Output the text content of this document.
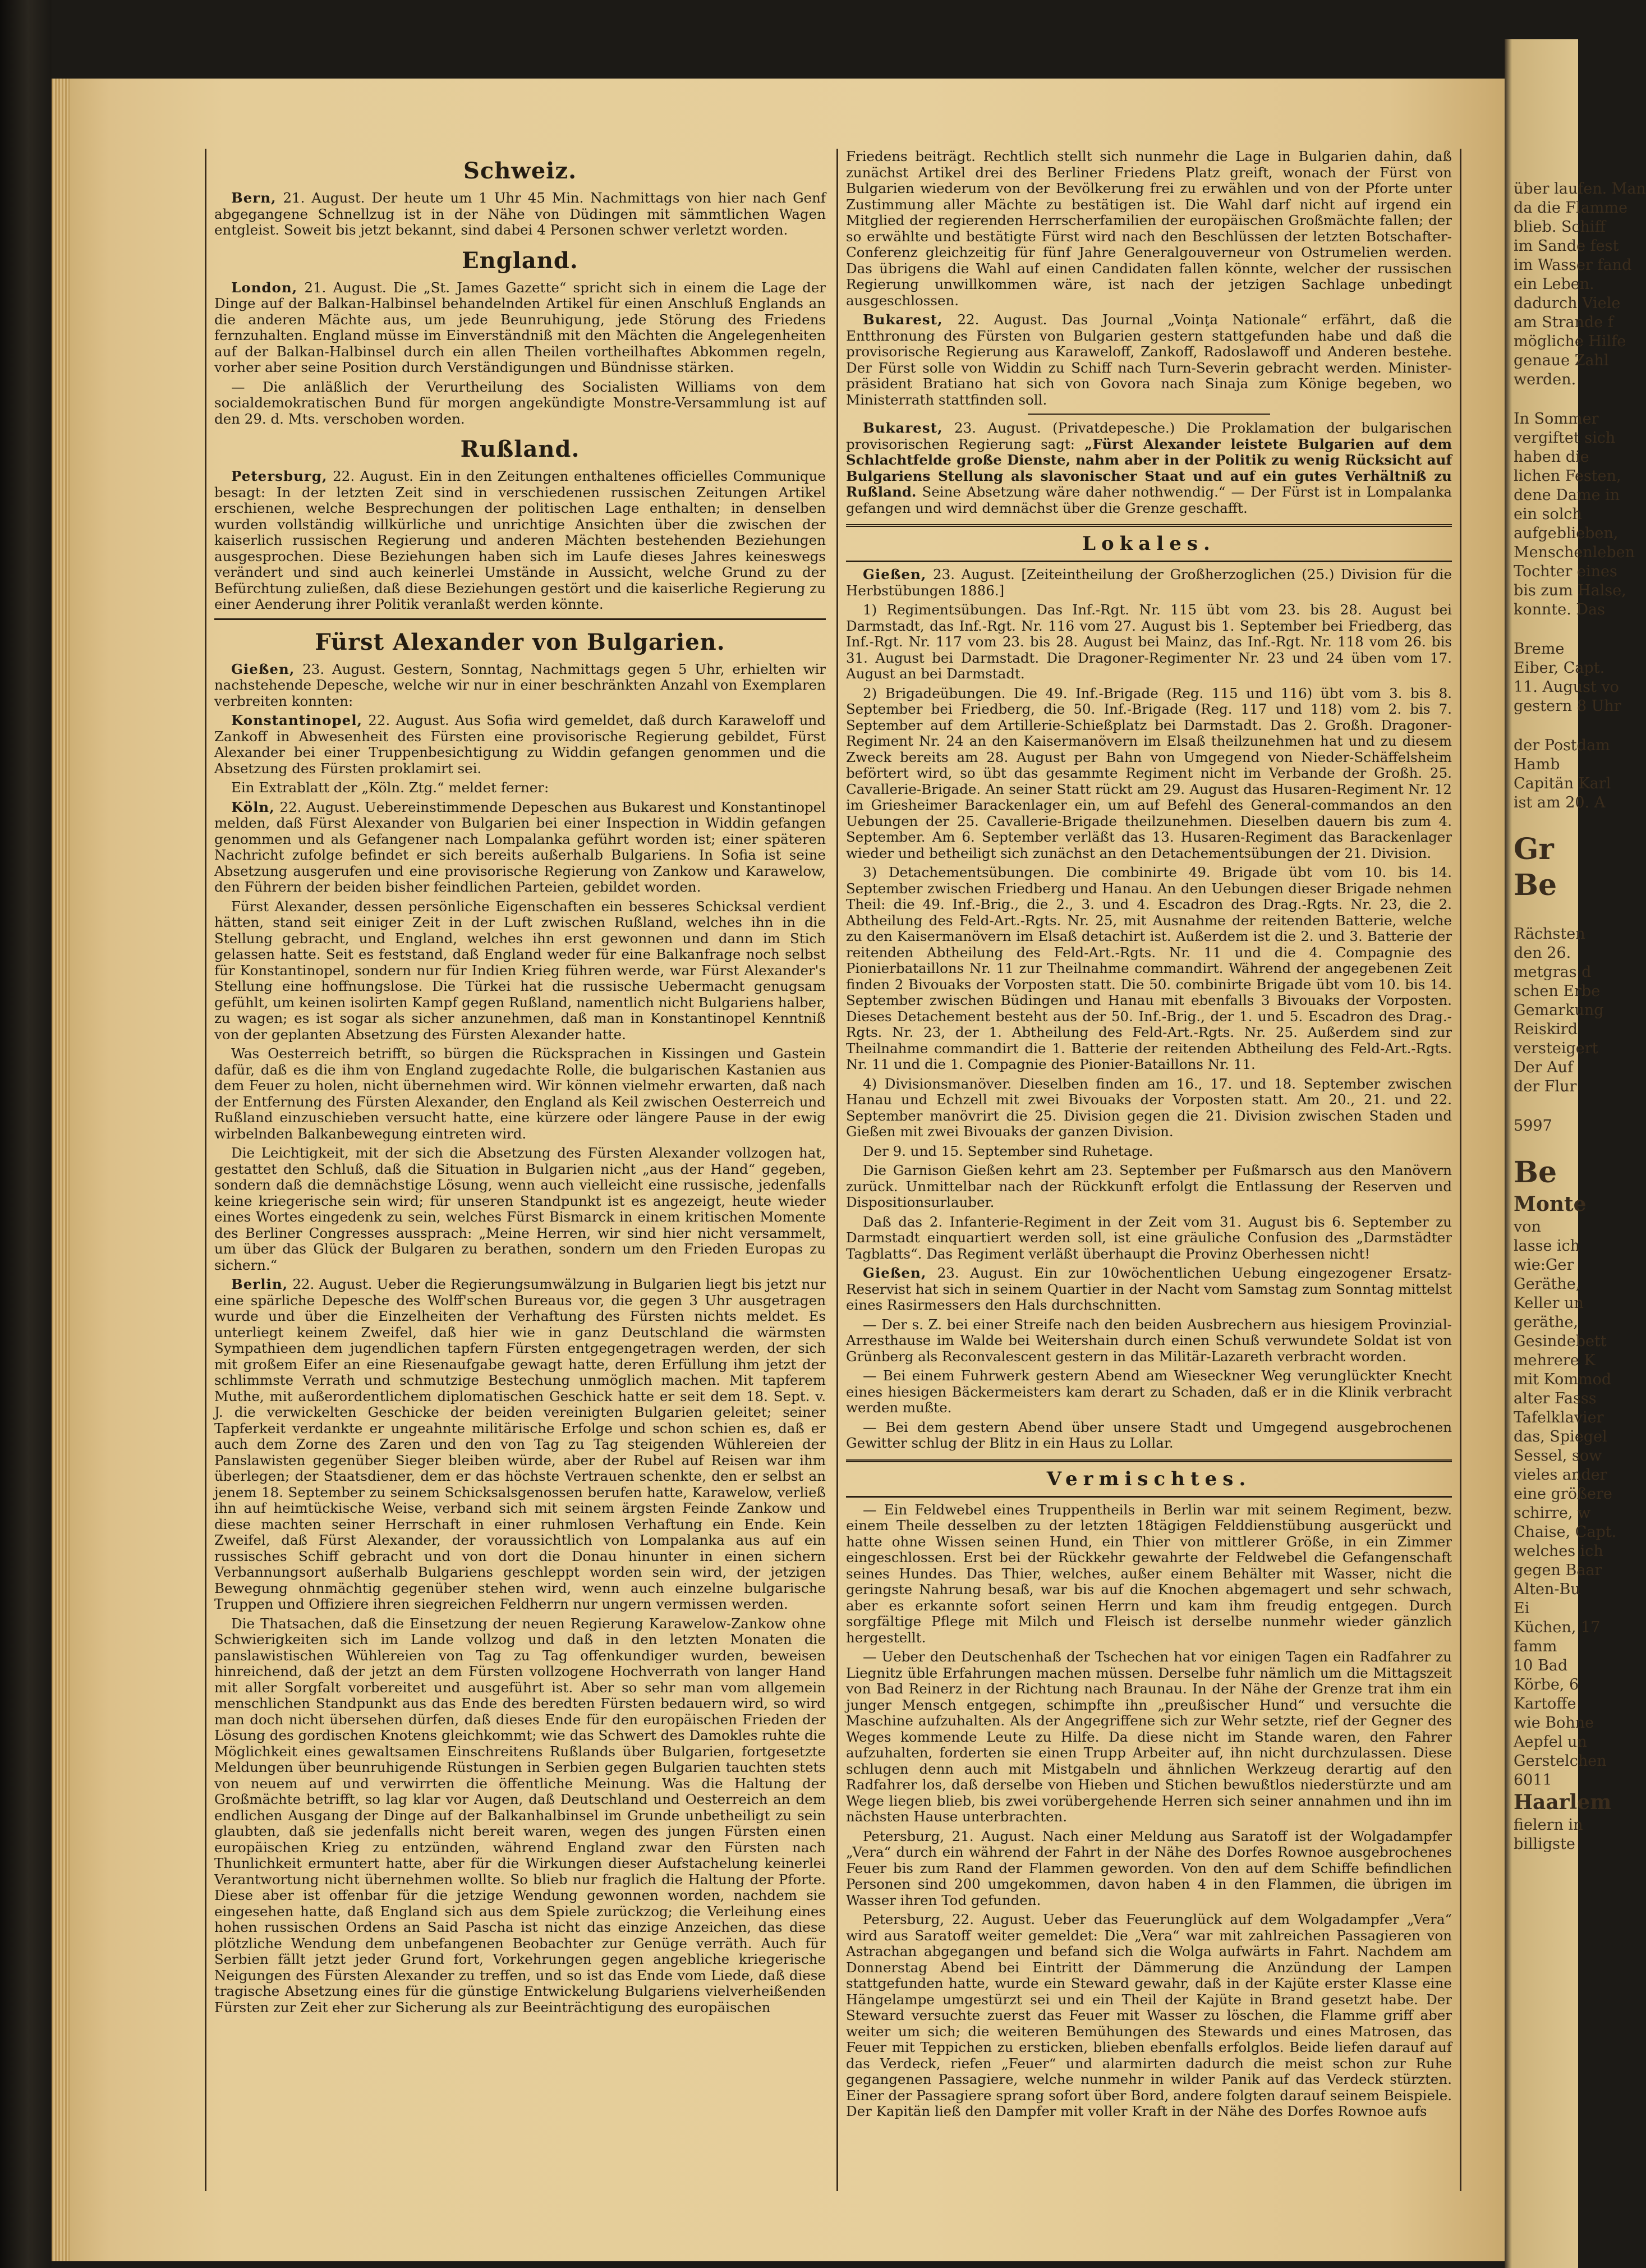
Schweiz.

Bern, 21. August. Der heute um 1 Uhr 45 Min. Nachmittags von hier nach Genf abgegangene Schnellzug ist in der Nähe von Düdingen mit sämmtlichen Wagen entgleist. Soweit bis jetzt bekannt, sind dabei 4 Personen schwer verletzt worden.

England.

London, 21. August. Die „St. James Gazette“ spricht sich in einem die Lage der Dinge auf der Balkan-Halbinsel behandelnden Artikel für einen Anschluß Englands an die anderen Mächte aus, um jede Beunruhigung, jede Störung des Friedens fernzuhalten. England müsse im Einverständniß mit den Mächten die Angelegenheiten auf der Balkan-Halbinsel durch ein allen Theilen vortheilhaftes Abkommen regeln, vorher aber seine Position durch Verständigungen und Bündnisse stärken.

— Die anläßlich der Verurtheilung des Socialisten Williams von dem socialdemokratischen Bund für morgen angekündigte Monstre-Versammlung ist auf den 29. d. Mts. verschoben worden.

Rußland.

Petersburg, 22. August. Ein in den Zeitungen enthaltenes officielles Communique besagt: In der letzten Zeit sind in verschiedenen russischen Zeitungen Artikel erschienen, welche Besprechungen der politischen Lage enthalten; in denselben wurden vollständig willkürliche und unrichtige Ansichten über die zwischen der kaiserlich russischen Regierung und anderen Mächten bestehenden Beziehungen ausgesprochen. Diese Beziehungen haben sich im Laufe dieses Jahres keineswegs verändert und sind auch keinerlei Umstände in Aussicht, welche Grund zu der Befürchtung zuließen, daß diese Beziehungen gestört und die kaiserliche Regierung zu einer Aenderung ihrer Politik veranlaßt werden könnte.

Fürst Alexander von Bulgarien.

Gießen, 23. August. Gestern, Sonntag, Nachmittags gegen 5 Uhr, erhielten wir nachstehende Depesche, welche wir nur in einer beschränkten Anzahl von Exemplaren verbreiten konnten:

Konstantinopel, 22. August. Aus Sofia wird gemeldet, daß durch Karaweloff und Zankoff in Abwesenheit des Fürsten eine provisorische Regierung gebildet, Fürst Alexander bei einer Truppenbesichtigung zu Widdin gefangen genommen und die Absetzung des Fürsten proklamirt sei.

Ein Extrablatt der „Köln. Ztg.“ meldet ferner:

Köln, 22. August. Uebereinstimmende Depeschen aus Bukarest und Konstantinopel melden, daß Fürst Alexander von Bulgarien bei einer Inspection in Widdin gefangen genommen und als Gefangener nach Lompalanka geführt worden ist; einer späteren Nachricht zufolge befindet er sich bereits außerhalb Bulgariens. In Sofia ist seine Absetzung ausgerufen und eine provisorische Regierung von Zankow und Karawelow, den Führern der beiden bisher feindlichen Parteien, gebildet worden.

Fürst Alexander, dessen persönliche Eigenschaften ein besseres Schicksal verdient hätten, stand seit einiger Zeit in der Luft zwischen Rußland, welches ihn in die Stellung gebracht, und England, welches ihn erst gewonnen und dann im Stich gelassen hatte. Seit es feststand, daß England weder für eine Balkanfrage noch selbst für Konstantinopel, sondern nur für Indien Krieg führen werde, war Fürst Alexander's Stellung eine hoffnungslose. Die Türkei hat die russische Uebermacht genugsam gefühlt, um keinen isolirten Kampf gegen Rußland, namentlich nicht Bulgariens halber, zu wagen; es ist sogar als sicher anzunehmen, daß man in Konstantinopel Kenntniß von der geplanten Absetzung des Fürsten Alexander hatte.

Was Oesterreich betrifft, so bürgen die Rücksprachen in Kissingen und Gastein dafür, daß es die ihm von England zugedachte Rolle, die bulgarischen Kastanien aus dem Feuer zu holen, nicht übernehmen wird. Wir können vielmehr erwarten, daß nach der Entfernung des Fürsten Alexander, den England als Keil zwischen Oesterreich und Rußland einzuschieben versucht hatte, eine kürzere oder längere Pause in der ewig wirbelnden Balkanbewegung eintreten wird.

Die Leichtigkeit, mit der sich die Absetzung des Fürsten Alexander vollzogen hat, gestattet den Schluß, daß die Situation in Bulgarien nicht „aus der Hand“ gegeben, sondern daß die demnächstige Lösung, wenn auch vielleicht eine russische, jedenfalls keine kriegerische sein wird; für unseren Standpunkt ist es angezeigt, heute wieder eines Wortes eingedenk zu sein, welches Fürst Bismarck in einem kritischen Momente des Berliner Congresses aussprach: „Meine Herren, wir sind hier nicht versammelt, um über das Glück der Bulgaren zu berathen, sondern um den Frieden Europas zu sichern.“

Berlin, 22. August. Ueber die Regierungsumwälzung in Bulgarien liegt bis jetzt nur eine spärliche Depesche des Wolff'schen Bureaus vor, die gegen 3 Uhr ausgetragen wurde und über die Einzelheiten der Verhaftung des Fürsten nichts meldet. Es unterliegt keinem Zweifel, daß hier wie in ganz Deutschland die wärmsten Sympathieen dem jugendlichen tapfern Fürsten entgegengetragen werden, der sich mit großem Eifer an eine Riesenaufgabe gewagt hatte, deren Erfüllung ihm jetzt der schlimmste Verrath und schmutzige Bestechung unmöglich machen. Mit tapferem Muthe, mit außerordentlichem diplomatischen Geschick hatte er seit dem 18. Sept. v. J. die verwickelten Geschicke der beiden vereinigten Bulgarien geleitet; seiner Tapferkeit verdankte er ungeahnte militärische Erfolge und schon schien es, daß er auch dem Zorne des Zaren und den von Tag zu Tag steigenden Wühlereien der Panslawisten gegenüber Sieger bleiben würde, aber der Rubel auf Reisen war ihm überlegen; der Staatsdiener, dem er das höchste Vertrauen schenkte, den er selbst an jenem 18. September zu seinem Schicksalsgenossen berufen hatte, Karawelow, verließ ihn auf heimtückische Weise, verband sich mit seinem ärgsten Feinde Zankow und diese machten seiner Herrschaft in einer ruhmlosen Verhaftung ein Ende. Kein Zweifel, daß Fürst Alexander, der voraussichtlich von Lompalanka aus auf ein russisches Schiff gebracht und von dort die Donau hinunter in einen sichern Verbannungsort außerhalb Bulgariens geschleppt worden sein wird, der jetzigen Bewegung ohnmächtig gegenüber stehen wird, wenn auch einzelne bulgarische Truppen und Offiziere ihren siegreichen Feldherrn nur ungern vermissen werden.

Die Thatsachen, daß die Einsetzung der neuen Regierung Karawelow-Zankow ohne Schwierigkeiten sich im Lande vollzog und daß in den letzten Monaten die panslawistischen Wühlereien von Tag zu Tag offenkundiger wurden, beweisen hinreichend, daß der jetzt an dem Fürsten vollzogene Hochverrath von langer Hand mit aller Sorgfalt vorbereitet und ausgeführt ist. Aber so sehr man vom allgemein menschlichen Standpunkt aus das Ende des beredten Fürsten bedauern wird, so wird man doch nicht übersehen dürfen, daß dieses Ende für den europäischen Frieden der Lösung des gordischen Knotens gleichkommt; wie das Schwert des Damokles ruhte die Möglichkeit eines gewaltsamen Einschreitens Rußlands über Bulgarien, fortgesetzte Meldungen über beunruhigende Rüstungen in Serbien gegen Bulgarien tauchten stets von neuem auf und verwirrten die öffentliche Meinung. Was die Haltung der Großmächte betrifft, so lag klar vor Augen, daß Deutschland und Oesterreich an dem endlichen Ausgang der Dinge auf der Balkanhalbinsel im Grunde unbetheiligt zu sein glaubten, daß sie jedenfalls nicht bereit waren, wegen des jungen Fürsten einen europäischen Krieg zu entzünden, während England zwar den Fürsten nach Thunlichkeit ermuntert hatte, aber für die Wirkungen dieser Aufstachelung keinerlei Verantwortung nicht übernehmen wollte. So blieb nur fraglich die Haltung der Pforte. Diese aber ist offenbar für die jetzige Wendung gewonnen worden, nachdem sie eingesehen hatte, daß England sich aus dem Spiele zurückzog; die Verleihung eines hohen russischen Ordens an Said Pascha ist nicht das einzige Anzeichen, das diese plötzliche Wendung dem unbefangenen Beobachter zur Genüge verräth. Auch für Serbien fällt jetzt jeder Grund fort, Vorkehrungen gegen angebliche kriegerische Neigungen des Fürsten Alexander zu treffen, und so ist das Ende vom Liede, daß diese tragische Absetzung eines für die günstige Entwickelung Bulgariens vielverheißenden Fürsten zur Zeit eher zur Sicherung als zur Beeinträchtigung des europäischen

Friedens beiträgt. Rechtlich stellt sich nunmehr die Lage in Bulgarien dahin, daß zunächst Artikel drei des Berliner Friedens Platz greift, wonach der Fürst von Bulgarien wiederum von der Bevölkerung frei zu erwählen und von der Pforte unter Zustimmung aller Mächte zu bestätigen ist. Die Wahl darf nicht auf irgend ein Mitglied der regierenden Herrscherfamilien der europäischen Großmächte fallen; der so erwählte und bestätigte Fürst wird nach den Beschlüssen der letzten Botschafter-Conferenz gleichzeitig für fünf Jahre Generalgouverneur von Ostrumelien werden. Das übrigens die Wahl auf einen Candidaten fallen könnte, welcher der russischen Regierung unwillkommen wäre, ist nach der jetzigen Sachlage unbedingt ausgeschlossen.

Bukarest, 22. August. Das Journal „Voinţa Nationale“ erfährt, daß die Entthronung des Fürsten von Bulgarien gestern stattgefunden habe und daß die provisorische Regierung aus Karaweloff, Zankoff, Radoslawoff und Anderen bestehe. Der Fürst solle von Widdin zu Schiff nach Turn-Severin gebracht werden. Minister-präsident Bratiano hat sich von Govora nach Sinaja zum Könige begeben, wo Ministerrath stattfinden soll.

Bukarest, 23. August. (Privatdepesche.) Die Proklamation der bulgarischen provisorischen Regierung sagt: „Fürst Alexander leistete Bulgarien auf dem Schlachtfelde große Dienste, nahm aber in der Politik zu wenig Rücksicht auf Bulgariens Stellung als slavonischer Staat und auf ein gutes Verhältniß zu Rußland. Seine Absetzung wäre daher nothwendig.“ — Der Fürst ist in Lompalanka gefangen und wird demnächst über die Grenze geschafft.

Lokales.

Gießen, 23. August. [Zeiteintheilung der Großherzoglichen (25.) Division für die Herbstübungen 1886.]

1) Regimentsübungen. Das Inf.-Rgt. Nr. 115 übt vom 23. bis 28. August bei Darmstadt, das Inf.-Rgt. Nr. 116 vom 27. August bis 1. September bei Friedberg, das Inf.-Rgt. Nr. 117 vom 23. bis 28. August bei Mainz, das Inf.-Rgt. Nr. 118 vom 26. bis 31. August bei Darmstadt. Die Dragoner-Regimenter Nr. 23 und 24 üben vom 17. August an bei Darmstadt.

2) Brigadeübungen. Die 49. Inf.-Brigade (Reg. 115 und 116) übt vom 3. bis 8. September bei Friedberg, die 50. Inf.-Brigade (Reg. 117 und 118) vom 2. bis 7. September auf dem Artillerie-Schießplatz bei Darmstadt. Das 2. Großh. Dragoner-Regiment Nr. 24 an den Kaisermanövern im Elsaß theilzunehmen hat und zu diesem Zweck bereits am 28. August per Bahn von Umgegend von Nieder-Schäffelsheim beförtert wird, so übt das gesammte Regiment nicht im Verbande der Großh. 25. Cavallerie-Brigade. An seiner Statt rückt am 29. August das Husaren-Regiment Nr. 12 im Griesheimer Barackenlager ein, um auf Befehl des General-commandos an den Uebungen der 25. Cavallerie-Brigade theilzunehmen. Dieselben dauern bis zum 4. September. Am 6. September verläßt das 13. Husaren-Regiment das Barackenlager wieder und betheiligt sich zunächst an den Detachementsübungen der 21. Division.

3) Detachementsübungen. Die combinirte 49. Brigade übt vom 10. bis 14. September zwischen Friedberg und Hanau. An den Uebungen dieser Brigade nehmen Theil: die 49. Inf.-Brig., die 2., 3. und 4. Escadron des Drag.-Rgts. Nr. 23, die 2. Abtheilung des Feld-Art.-Rgts. Nr. 25, mit Ausnahme der reitenden Batterie, welche zu den Kaisermanövern im Elsaß detachirt ist. Außerdem ist die 2. und 3. Batterie der reitenden Abtheilung des Feld-Art.-Rgts. Nr. 11 und die 4. Compagnie des Pionierbataillons Nr. 11 zur Theilnahme commandirt. Während der angegebenen Zeit finden 2 Bivouaks der Vorposten statt. Die 50. combinirte Brigade übt vom 10. bis 14. September zwischen Büdingen und Hanau mit ebenfalls 3 Bivouaks der Vorposten. Dieses Detachement besteht aus der 50. Inf.-Brig., der 1. und 5. Escadron des Drag.-Rgts. Nr. 23, der 1. Abtheilung des Feld-Art.-Rgts. Nr. 25. Außerdem sind zur Theilnahme commandirt die 1. Batterie der reitenden Abtheilung des Feld-Art.-Rgts. Nr. 11 und die 1. Compagnie des Pionier-Bataillons Nr. 11.

4) Divisionsmanöver. Dieselben finden am 16., 17. und 18. September zwischen Hanau und Echzell mit zwei Bivouaks der Vorposten statt. Am 20., 21. und 22. September manövrirt die 25. Division gegen die 21. Division zwischen Staden und Gießen mit zwei Bivouaks der ganzen Division.

Der 9. und 15. September sind Ruhetage.

Die Garnison Gießen kehrt am 23. September per Fußmarsch aus den Manövern zurück. Unmittelbar nach der Rückkunft erfolgt die Entlassung der Reserven und Dispositionsurlauber.

Daß das 2. Infanterie-Regiment in der Zeit vom 31. August bis 6. September zu Darmstadt einquartiert werden soll, ist eine gräuliche Confusion des „Darmstädter Tagblatts“. Das Regiment verläßt überhaupt die Provinz Oberhessen nicht!

Gießen, 23. August. Ein zur 10wöchentlichen Uebung eingezogener Ersatz-Reservist hat sich in seinem Quartier in der Nacht vom Samstag zum Sonntag mittelst eines Rasirmessers den Hals durchschnitten.

— Der s. Z. bei einer Streife nach den beiden Ausbrechern aus hiesigem Provinzial-Arresthause im Walde bei Weitershain durch einen Schuß verwundete Soldat ist von Grünberg als Reconvalescent gestern in das Militär-Lazareth verbracht worden.

— Bei einem Fuhrwerk gestern Abend am Wieseckner Weg verunglückter Knecht eines hiesigen Bäckermeisters kam derart zu Schaden, daß er in die Klinik verbracht werden mußte.

— Bei dem gestern Abend über unsere Stadt und Umgegend ausgebrochenen Gewitter schlug der Blitz in ein Haus zu Lollar.

Vermischtes.

— Ein Feldwebel eines Truppentheils in Berlin war mit seinem Regiment, bezw. einem Theile desselben zu der letzten 18tägigen Felddienstübung ausgerückt und hatte ohne Wissen seinen Hund, ein Thier von mittlerer Größe, in ein Zimmer eingeschlossen. Erst bei der Rückkehr gewahrte der Feldwebel die Gefangenschaft seines Hundes. Das Thier, welches, außer einem Behälter mit Wasser, nicht die geringste Nahrung besaß, war bis auf die Knochen abgemagert und sehr schwach, aber es erkannte sofort seinen Herrn und kam ihm freudig entgegen. Durch sorgfältige Pflege mit Milch und Fleisch ist derselbe nunmehr wieder gänzlich hergestellt.

— Ueber den Deutschenhaß der Tschechen hat vor einigen Tagen ein Radfahrer zu Liegnitz üble Erfahrungen machen müssen. Derselbe fuhr nämlich um die Mittagszeit von Bad Reinerz in der Richtung nach Braunau. In der Nähe der Grenze trat ihm ein junger Mensch entgegen, schimpfte ihn „preußischer Hund“ und versuchte die Maschine aufzuhalten. Als der Angegriffene sich zur Wehr setzte, rief der Gegner des Weges kommende Leute zu Hilfe. Da diese nicht im Stande waren, den Fahrer aufzuhalten, forderten sie einen Trupp Arbeiter auf, ihn nicht durchzulassen. Diese schlugen denn auch mit Mistgabeln und ähnlichen Werkzeug derartig auf den Radfahrer los, daß derselbe von Hieben und Stichen bewußtlos niederstürzte und am Wege liegen blieb, bis zwei vorübergehende Herren sich seiner annahmen und ihn im nächsten Hause unterbrachten.

Petersburg, 21. August. Nach einer Meldung aus Saratoff ist der Wolgadampfer „Vera“ durch ein während der Fahrt in der Nähe des Dorfes Rownoe ausgebrochenes Feuer bis zum Rand der Flammen geworden. Von den auf dem Schiffe befindlichen Personen sind 200 umgekommen, davon haben 4 in den Flammen, die übrigen im Wasser ihren Tod gefunden.

Petersburg, 22. August. Ueber das Feuerunglück auf dem Wolgadampfer „Vera“ wird aus Saratoff weiter gemeldet: Die „Vera“ war mit zahlreichen Passagieren von Astrachan abgegangen und befand sich die Wolga aufwärts in Fahrt. Nachdem am Donnerstag Abend bei Eintritt der Dämmerung die Anzündung der Lampen stattgefunden hatte, wurde ein Steward gewahr, daß in der Kajüte erster Klasse eine Hängelampe umgestürzt sei und ein Theil der Kajüte in Brand gesetzt habe. Der Steward versuchte zuerst das Feuer mit Wasser zu löschen, die Flamme griff aber weiter um sich; die weiteren Bemühungen des Stewards und eines Matrosen, das Feuer mit Teppichen zu ersticken, blieben ebenfalls erfolglos. Beide liefen darauf auf das Verdeck, riefen „Feuer“ und alarmirten dadurch die meist schon zur Ruhe gegangenen Passagiere, welche nunmehr in wilder Panik auf das Verdeck stürzten. Einer der Passagiere sprang sofort über Bord, andere folgten darauf seinem Beispiele. Der Kapitän ließ den Dampfer mit voller Kraft in der Nähe des Dorfes Rownoe aufs

über laufen. Man
da die Flamme
blieb. Schiff
im Sande fest
im Wasser fand
ein Leben.
dadurch Viele
am Strande f
mögliche Hilfe
genaue Zahl
werden.
In Sommer
vergiftet sich
haben die
lichen Festen,
dene Dame in
ein solch
aufgeblieben,
Menschenleben
Tochter eines
bis zum Halse,
konnte. Das
Breme
Eiber, Capt.
11. August vo
gestern 8 Uhr
der Postdam
Hamb
Capitän Karl
ist am 20. A
Gr
Be
Rächsten
den 26.
metgras d
schen Erbe
Gemarkung
Reiskird
versteigert
Der Auf
der Flur
5997
Be
Monte
von
lasse ich
wie:Ger
Geräthe,
Keller un
geräthe,
Gesindebett
mehrere K
mit Kommod
alter Fasss
Tafelklavier
das, Spiegel
Sessel, sow
vieles ander
eine größere
schirre, w
Chaise, Capt.
welches ich
gegen Baar
Alten-Bu
Ei
Küchen, 17
famm
10 Bad
Körbe, 6
Kartoffe
wie Bohne
Aepfel un
Gerstelchen
6011
Haarlem
fielern in
billigste
